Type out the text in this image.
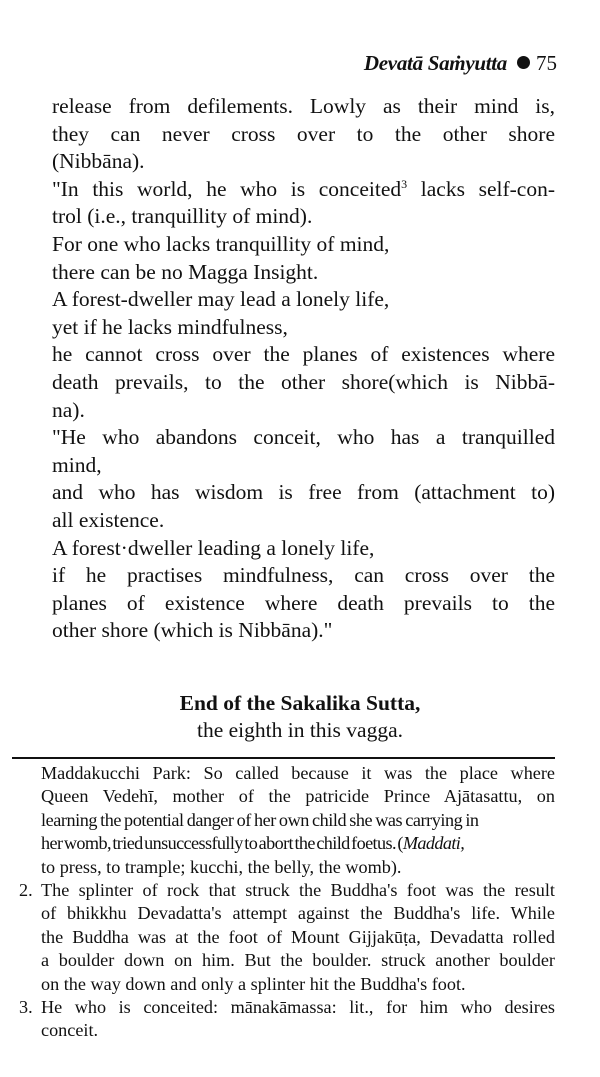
Devatā Saṁyutta 75
release from defilements. Lowly as their mind is,
they can never cross over to the other shore
(Nibbāna).
"In this world, he who is conceited$^3$ lacks self-con-
trol (i.e., tranquillity of mind).
For one who lacks tranquillity of mind,
there can be no Magga Insight.
A forest-dweller may lead a lonely life,
yet if he lacks mindfulness,
he cannot cross over the planes of existences where
death prevails, to the other shore(which is Nibbā-
na).
"He who abandons conceit, who has a tranquilled
mind,
and who has wisdom is free from (attachment to)
all existence.
A forest·dweller leading a lonely life,
if he practises mindfulness, can cross over the
planes of existence where death prevails to the
other shore (which is Nibbāna)."
End of the Sakalika Sutta,
the eighth in this vagga.
Maddakucchi Park: So called because it was the place where
Queen Vedehī, mother of the patricide Prince Ajātasattu, on
learning the potential danger of her own child she was carrying in
her womb, tried unsuccessfully to abort the child foetus. (Maddati,
to press, to trample; kucchi, the belly, the womb).
2. The splinter of rock that struck the Buddha's foot was the result
of bhikkhu Devadatta's attempt against the Buddha's life. While
the Buddha was at the foot of Mount Gijjakūṭa, Devadatta rolled
a boulder down on him. But the boulder. struck another boulder
on the way down and only a splinter hit the Buddha's foot.
3. He who is conceited: mānakāmassa: lit., for him who desires
conceit.
